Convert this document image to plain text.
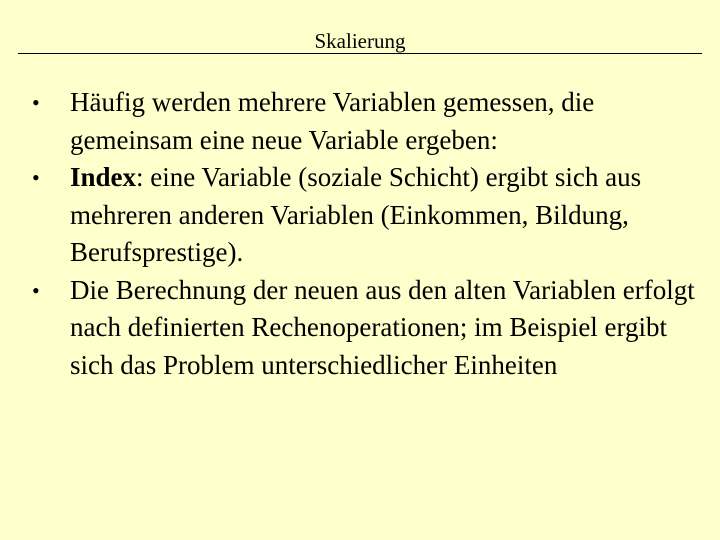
Skalierung
•	Häufig werden mehrere Variablen gemessen, die gemeinsam eine neue Variable ergeben:
•	Index: eine Variable (soziale Schicht) ergibt sich aus mehreren anderen Variablen (Einkommen, Bildung, Berufsprestige).
•	Die Berechnung der neuen aus den alten Variablen erfolgt nach definierten Rechenoperationen; im Beispiel ergibt sich das Problem unterschiedlicher Einheiten
